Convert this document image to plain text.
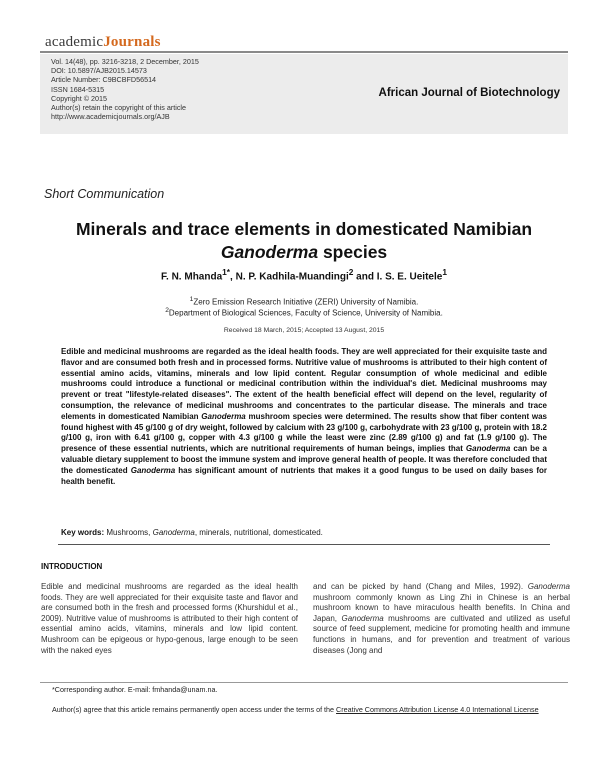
academicJournals
Vol. 14(48), pp. 3216-3218, 2 December, 2015
DOI: 10.5897/AJB2015.14573
Article Number: C9BCBFD56514
ISSN 1684-5315
Copyright © 2015
Author(s) retain the copyright of this article
http://www.academicjournals.org/AJB
African Journal of Biotechnology
Short Communication
Minerals and trace elements in domesticated Namibian
Ganoderma species
F. N. Mhanda$^{1*}$, N. P. Kadhila-Muandingi$^2$ and I. S. E. Ueitele$^1$
$^1$Zero Emission Research Initiative (ZERI) University of Namibia.
$^2$Department of Biological Sciences, Faculty of Science, University of Namibia.
Received 18 March, 2015; Accepted 13 August, 2015
Edible and medicinal mushrooms are regarded as the ideal health foods. They are well appreciated for their exquisite taste and flavor and are consumed both fresh and in processed forms. Nutritive value of mushrooms is attributed to their high content of essential amino acids, vitamins, minerals and low lipid content. Regular consumption of whole medicinal and edible mushrooms could introduce a functional or medicinal contribution within the individual's diet. Medicinal mushrooms may prevent or treat "lifestyle-related diseases". The extent of the health beneficial effect will depend on the level, regularity of consumption, the relevance of medicinal mushrooms and concentrates to the particular disease. The minerals and trace elements in domesticated Namibian Ganoderma mushroom species were determined. The results show that fiber content was found highest with 45 g/100 g of dry weight, followed by calcium with 23 g/100 g, carbohydrate with 23 g/100 g, protein with 18.2 g/100 g, iron with 6.41 g/100 g, copper with 4.3 g/100 g while the least were zinc (2.89 g/100 g) and fat (1.9 g/100 g). The presence of these essential nutrients, which are nutritional requirements of human beings, implies that Ganoderma can be a valuable dietary supplement to boost the immune system and improve general health of people. It was therefore concluded that the domesticated Ganoderma has significant amount of nutrients that makes it a good fungus to be used on daily bases for health benefit.
Key words: Mushrooms, Ganoderma, minerals, nutritional, domesticated.
INTRODUCTION
Edible and medicinal mushrooms are regarded as the ideal health foods. They are well appreciated for their exquisite taste and flavor and are consumed both in the fresh and processed forms (Khurshidul et al., 2009). Nutritive value of mushrooms is attributed to their high content of essential amino acids, vitamins, minerals and low lipid content. Mushroom can be epigeous or hypo-genous, large enough to be seen with the naked eyes
and can be picked by hand (Chang and Miles, 1992). Ganoderma mushroom commonly known as Ling Zhi in Chinese is an herbal mushroom known to have miraculous health benefits. In China and Japan, Ganoderma mushrooms are cultivated and utilized as useful source of feed supplement, medicine for promoting health and immune functions in humans, and for prevention and treatment of various diseases (Jong and
*Corresponding author. E-mail: fmhanda@unam.na.
Author(s) agree that this article remains permanently open access under the terms of the Creative Commons Attribution License 4.0 International License
